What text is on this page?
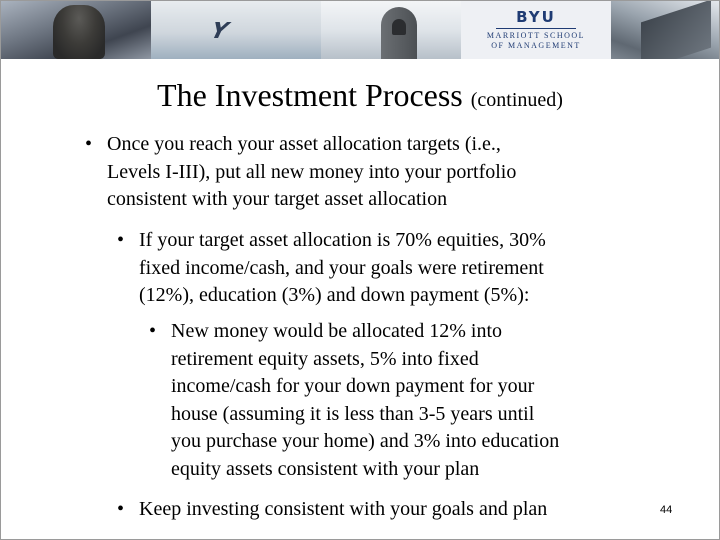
Y
BYU
MARRIOTT SCHOOL
OF MANAGEMENT
The Investment Process (continued)
• Once you reach your asset allocation targets (i.e.,
Levels I-III), put all new money into your portfolio
consistent with your target asset allocation
• If your target asset allocation is 70% equities, 30%
fixed income/cash, and your goals were retirement
(12%), education (3%) and down payment (5%):
• New money would be allocated 12% into
retirement equity assets, 5% into fixed
income/cash for your down payment for your
house (assuming it is less than 3-5 years until
you purchase your home) and 3% into education
equity assets consistent with your plan
• Keep investing consistent with your goals and plan	44
